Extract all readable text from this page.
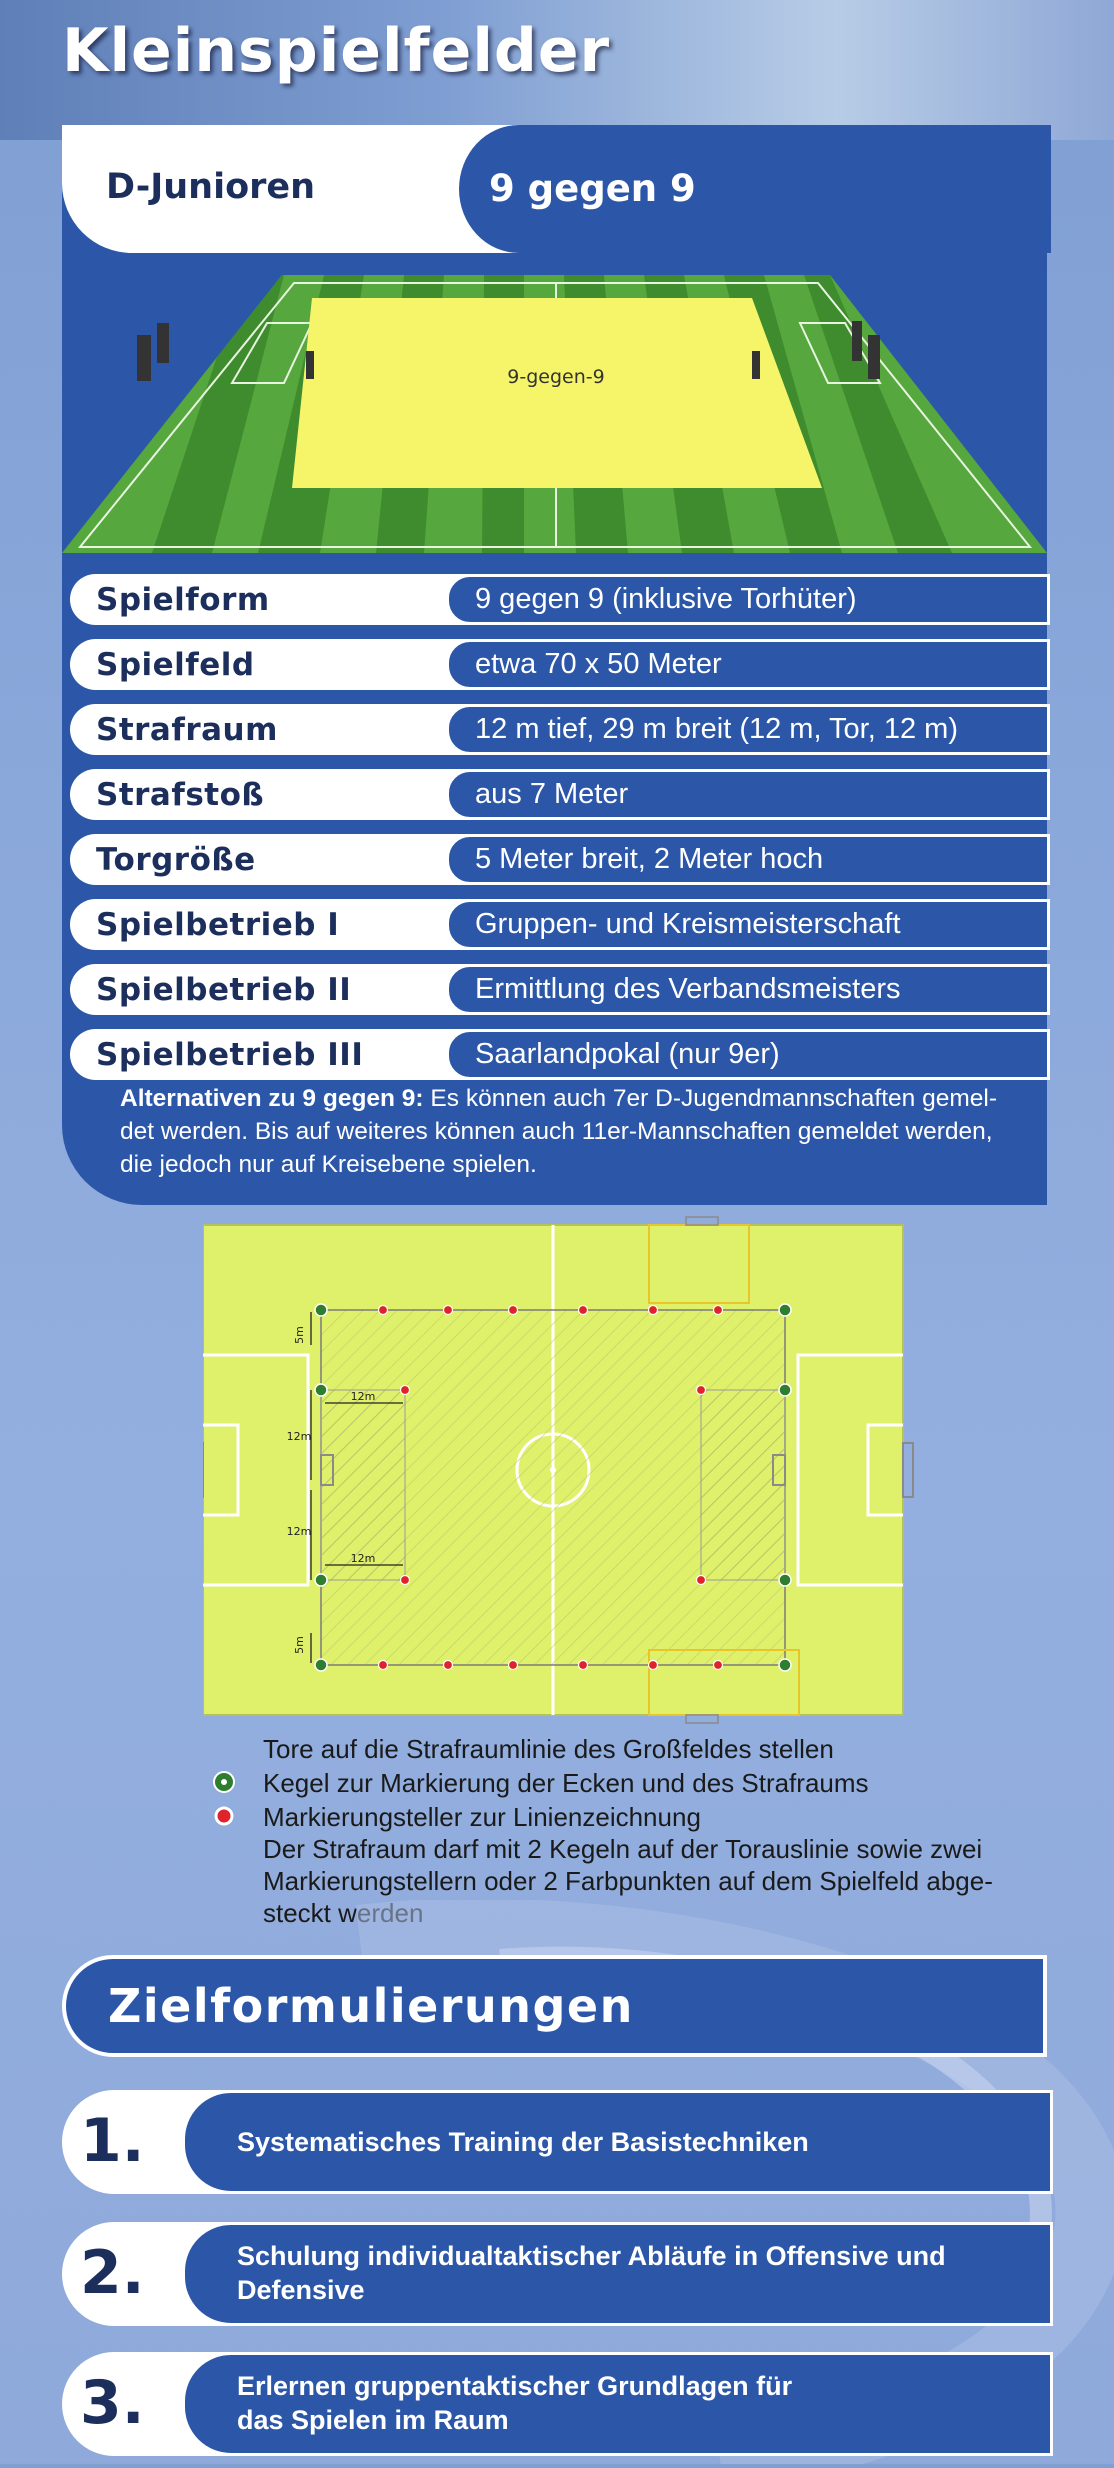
Kleinspielfelder
D-Junioren	9 gegen 9
9-gegen-9
Spielform	9 gegen 9 (inklusive Torhüter)
Spielfeld	etwa 70 x 50 Meter
Strafraum	12 m tief, 29 m breit (12 m, Tor, 12 m)
Strafstoß	aus 7 Meter
Torgröße	5 Meter breit, 2 Meter hoch
Spielbetrieb I	Gruppen- und Kreismeisterschaft
Spielbetrieb II	Ermittlung des Verbandsmeisters
Spielbetrieb III	Saarlandpokal (nur 9er)
Alternativen zu 9 gegen 9: Es können auch 7er D-Jugendmannschaften gemel-det werden. Bis auf weiteres können auch 11er-Mannschaften gemeldet werden, die jedoch nur auf Kreisebene spielen.
5m
12m
12m
12m
12m
5m
Tore auf die Strafraumlinie des Großfeldes stellen
Kegel zur Markierung der Ecken und des Strafraums
Markierungsteller zur Linienzeichnung
Der Strafraum darf mit 2 Kegeln auf der Torauslinie sowie zwei
Markierungstellern oder 2 Farbpunkten auf dem Spielfeld abge-
steckt werden
Zielformulierungen
1.	Systematisches Training der Basistechniken
2.	Schulung individualtaktischer Abläufe in Offensive und
Defensive
3.	Erlernen gruppentaktischer Grundlagen für
das Spielen im Raum
